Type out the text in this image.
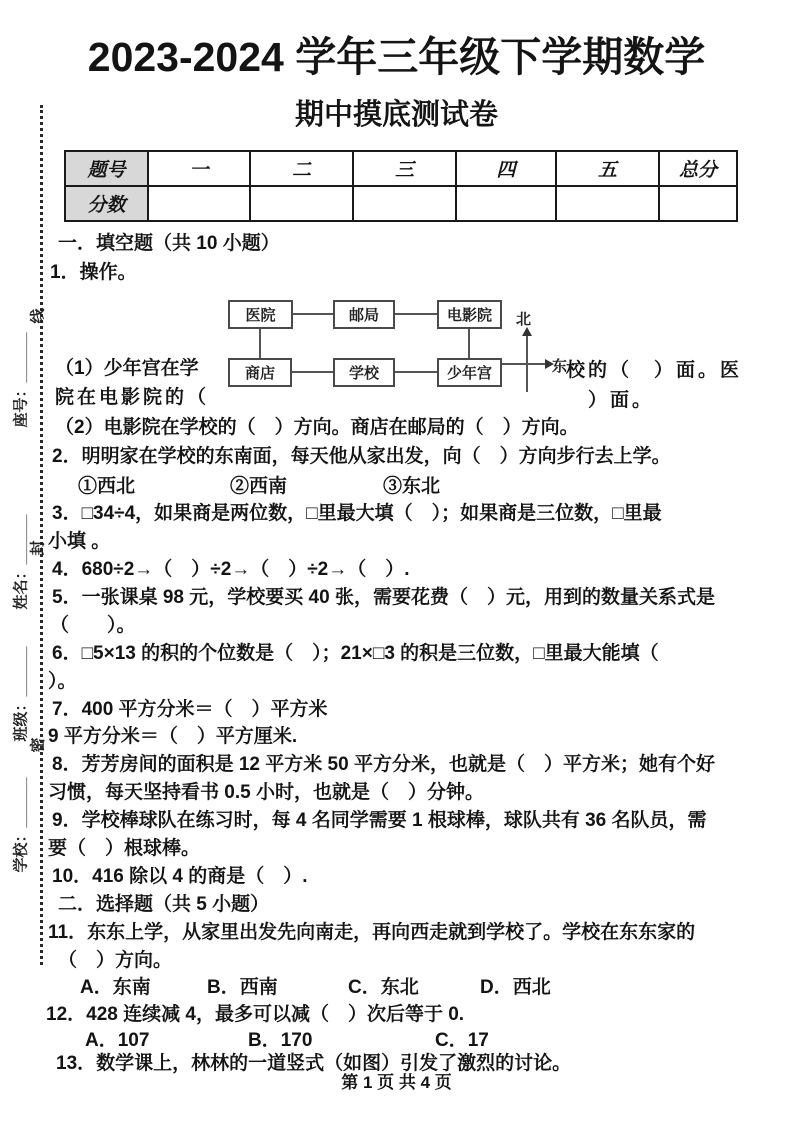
2023-2024 学年三年级下学期数学
期中摸底测试卷
座号：______
姓名：______
班级：______
学校：______
线
封
密
题号	一	二	三	四	五	总分
分数						
一．填空题（共 10 小题）
1．操作。
医院	邮局	电影院
商店	学校	少年宫
北
东
（1）少年宫在学	校的（　）面。医
院在电影院的（	）面。
（2）电影院在学校的（　）方向。商店在邮局的（　）方向。
2．明明家在学校的东南面，每天他从家出发，向（　）方向步行去上学。
①西北	②西南	③东北
3．□34÷4，如果商是两位数，□里最大填（　）；如果商是三位数，□里最
小填 。
4．680÷2→（　）÷2→（　）÷2→（　）.
5．一张课桌 98 元，学校要买 40 张，需要花费（　）元，用到的数量关系式是
（　　）。
6．□5×13 的积的个位数是（　）；21×□3 的积是三位数，□里最大能填（
）。
7．400 平方分米＝（　）平方米
9 平方分米＝（　）平方厘米.
8．芳芳房间的面积是 12 平方米 50 平方分米，也就是（　）平方米；她有个好
习惯，每天坚持看书 0.5 小时，也就是（　）分钟。
9．学校棒球队在练习时，每 4 名同学需要 1 根球棒，球队共有 36 名队员，需
要（　）根球棒。
10．416 除以 4 的商是（　）.
二．选择题（共 5 小题）
11．东东上学，从家里出发先向南走，再向西走就到学校了。学校在东东家的
（　）方向。
A．东南	B．西南	C．东北	D．西北
12．428 连续减 4，最多可以减（　）次后等于 0.
A．107	B．170	C．17
13．数学课上，林林的一道竖式（如图）引发了激烈的讨论。
第 1 页 共 4 页
